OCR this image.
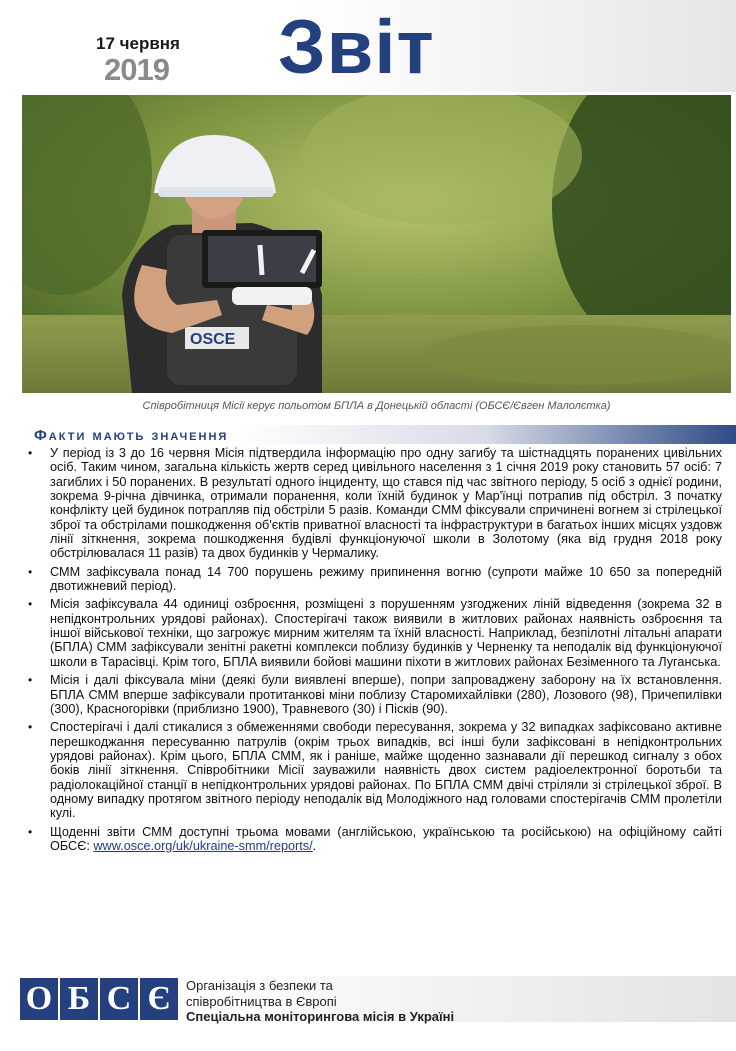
17 червня
2019 Звіт
OSCE
Співробітниця Місії керує польотом БПЛА в Донецькій області (ОБСЄ/Євген Малолєтка)
Факти мають значення
• У період із 3 до 16 червня Місія підтвердила інформацію про одну загибу та шістнадцять поранених цивільних осіб. Таким чином, загальна кількість жертв серед цивільного населення з 1 січня 2019 року становить 57 осіб: 7 загиблих і 50 поранених. В результаті одного інциденту, що стався під час звітного періоду, 5 осіб з однієї родини, зокрема 9-річна дівчинка, отримали поранення, коли їхній будинок у Мар'їнці потрапив під обстріл. З початку конфлікту цей будинок потрапляв під обстріли 5 разів. Команди СММ фіксували спричинені вогнем зі стрілецької зброї та обстрілами пошкодження об'єктів приватної власності та інфраструктури в багатьох інших місцях уздовж лінії зіткнення, зокрема пошкодження будівлі функціонуючої школи в Золотому (яка від грудня 2018 року обстрілювалася 11 разів) та двох будинків у Чермалику.
• СММ зафіксувала понад 14 700 порушень режиму припинення вогню (супроти майже 10 650 за попередній двотижневий період).
• Місія зафіксувала 44 одиниці озброєння, розміщені з порушенням узгоджених ліній відведення (зокрема 32 в непідконтрольних урядові районах). Спостерігачі також виявили в житлових районах наявність озброєння та іншої військової техніки, що загрожує мирним жителям та їхній власності. Наприклад, безпілотні літальні апарати (БПЛА) СММ зафіксували зенітні ракетні комплекси поблизу будинків у Черненку та неподалік від функціонуючої школи в Тарасівці. Крім того, БПЛА виявили бойові машини піхоти в житлових районах Безіменного та Луганська.
• Місія і далі фіксувала міни (деякі були виявлені вперше), попри запроваджену заборону на їх встановлення. БПЛА СММ вперше зафіксували протитанкові міни поблизу Старомихайлівки (280), Лозового (98), Причепилівки (300), Красногорівки (приблизно 1900), Травневого (30) і Пісків (90).
• Спостерігачі і далі стикалися з обмеженнями свободи пересування, зокрема у 32 випадках зафіксовано активне перешкоджання пересуванню патрулів (окрім трьох випадків, всі інші були зафіксовані в непідконтрольних урядові районах). Крім цього, БПЛА СММ, як і раніше, майже щоденно зазнавали дії перешкод сигналу з обох боків лінії зіткнення. Співробітники Місії зауважили наявність двох систем радіоелектронної боротьби та радіолокаційної станції в непідконтрольних урядові районах. По БПЛА СММ двічі стріляли зі стрілецької зброї. В одному випадку протягом звітного періоду неподалік від Молодіжного над головами спостерігачів СММ пролетіли кулі.
• Щоденні звіти СММ доступні трьома мовами (англійською, українською та російською) на офіційному сайті ОБСЄ: www.osce.org/uk/ukraine-smm/reports/.
О Б С Є	Організація з безпеки та
співробітництва в Європі
Спеціальна моніторингова місія в Україні
